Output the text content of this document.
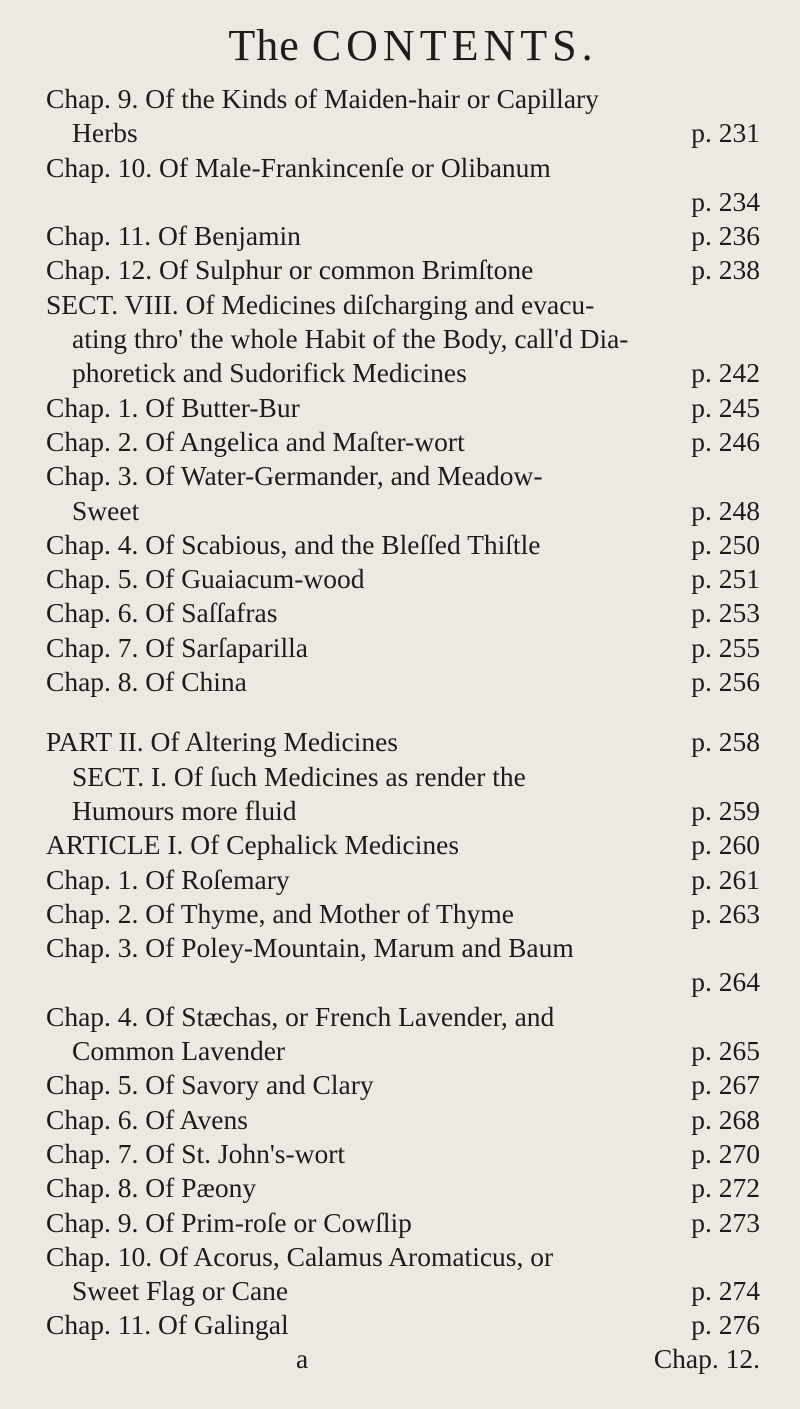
The CONTENTS.
Chap. 9. Of the Kinds of Maiden-hair or Capillary
Herbs	p. 231
Chap. 10. Of Male-Frankincenſe or Olibanum
p. 234
Chap. 11. Of Benjamin	p. 236
Chap. 12. Of Sulphur or common Brimſtone	p. 238
SECT. VIII. Of Medicines diſcharging and evacu-
ating thro' the whole Habit of the Body, call'd Dia-
phoretick and Sudorifick Medicines	p. 242
Chap. 1. Of Butter-Bur	p. 245
Chap. 2. Of Angelica and Maſter-wort	p. 246
Chap. 3. Of Water-Germander, and Meadow-
Sweet	p. 248
Chap. 4. Of Scabious, and the Bleſſed Thiſtle	p. 250
Chap. 5. Of Guaiacum-wood	p. 251
Chap. 6. Of Saſſafras	p. 253
Chap. 7. Of Sarſaparilla	p. 255
Chap. 8. Of China	p. 256
PART II. Of Altering Medicines	p. 258
SECT. I. Of ſuch Medicines as render the
Humours more fluid	p. 259
ARTICLE I. Of Cephalick Medicines	p. 260
Chap. 1. Of Roſemary	p. 261
Chap. 2. Of Thyme, and Mother of Thyme	p. 263
Chap. 3. Of Poley-Mountain, Marum and Baum
p. 264
Chap. 4. Of Stæchas, or French Lavender, and
Common Lavender	p. 265
Chap. 5. Of Savory and Clary	p. 267
Chap. 6. Of Avens	p. 268
Chap. 7. Of St. John's-wort	p. 270
Chap. 8. Of Pæony	p. 272
Chap. 9. Of Prim-roſe or Cowſlip	p. 273
Chap. 10. Of Acorus, Calamus Aromaticus, or
Sweet Flag or Cane	p. 274
Chap. 11. Of Galingal	p. 276
a	Chap. 12.
